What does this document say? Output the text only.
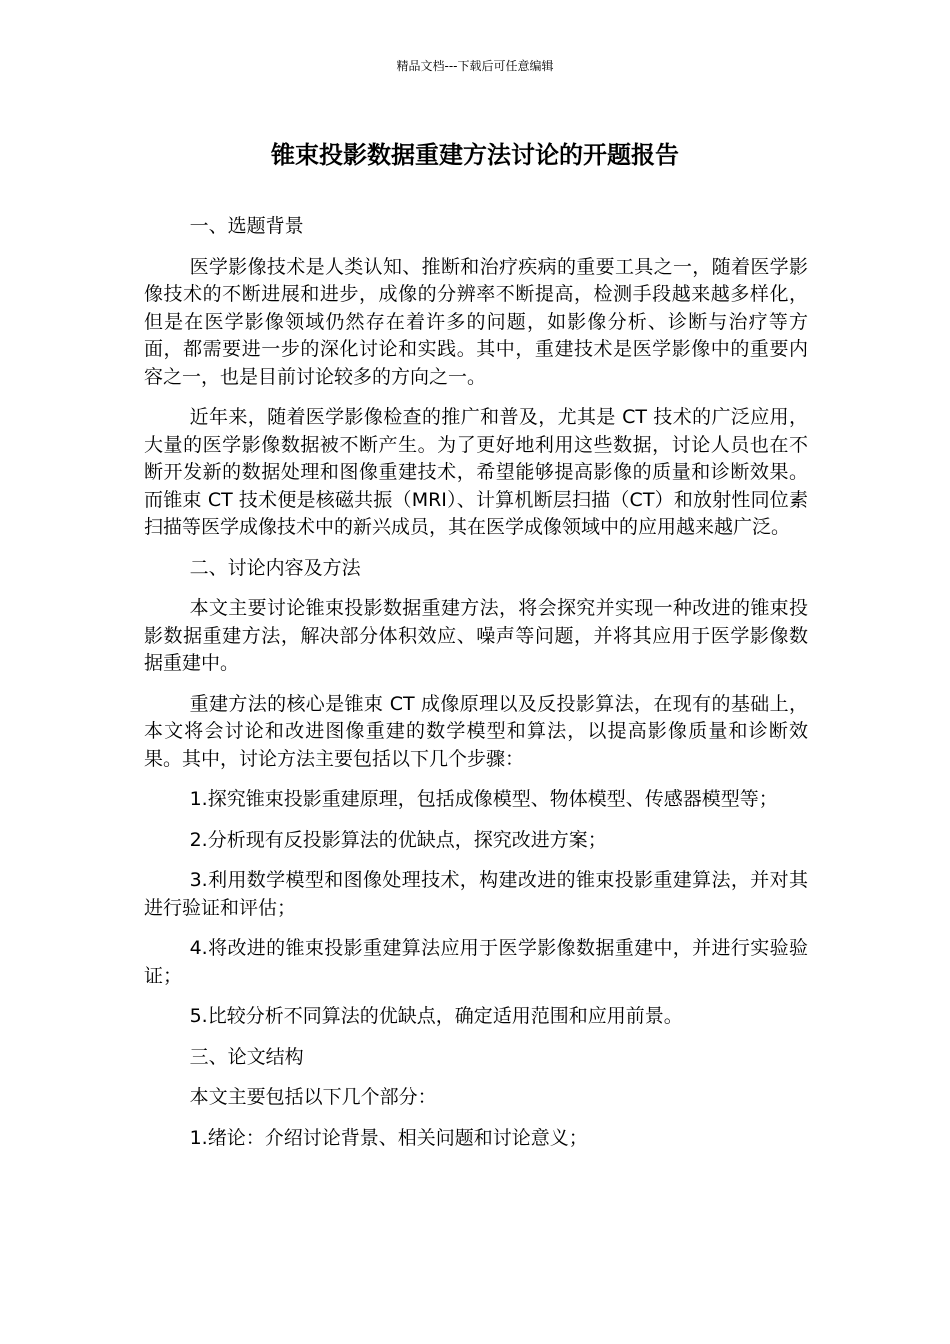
精品文档---下载后可任意编辑
锥束投影数据重建方法讨论的开题报告

一、选题背景

医学影像技术是人类认知、推断和治疗疾病的重要工具之一，随着医学影像技术的不断进展和进步，成像的分辨率不断提高，检测手段越来越多样化，但是在医学影像领域仍然存在着许多的问题，如影像分析、诊断与治疗等方面，都需要进一步的深化讨论和实践。其中，重建技术是医学影像中的重要内容之一，也是目前讨论较多的方向之一。

近年来，随着医学影像检查的推广和普及，尤其是 CT 技术的广泛应用，大量的医学影像数据被不断产生。为了更好地利用这些数据，讨论人员也在不断开发新的数据处理和图像重建技术，希望能够提高影像的质量和诊断效果。而锥束 CT 技术便是核磁共振（MRI）、计算机断层扫描（CT）和放射性同位素扫描等医学成像技术中的新兴成员，其在医学成像领域中的应用越来越广泛。

二、讨论内容及方法

本文主要讨论锥束投影数据重建方法，将会探究并实现一种改进的锥束投影数据重建方法，解决部分体积效应、噪声等问题，并将其应用于医学影像数据重建中。

重建方法的核心是锥束 CT 成像原理以及反投影算法，在现有的基础上，本文将会讨论和改进图像重建的数学模型和算法，以提高影像质量和诊断效果。其中，讨论方法主要包括以下几个步骤：

1.探究锥束投影重建原理，包括成像模型、物体模型、传感器模型等；

2.分析现有反投影算法的优缺点，探究改进方案；

3.利用数学模型和图像处理技术，构建改进的锥束投影重建算法，并对其进行验证和评估；

4.将改进的锥束投影重建算法应用于医学影像数据重建中，并进行实验验证；

5.比较分析不同算法的优缺点，确定适用范围和应用前景。

三、论文结构

本文主要包括以下几个部分：

1.绪论：介绍讨论背景、相关问题和讨论意义；
